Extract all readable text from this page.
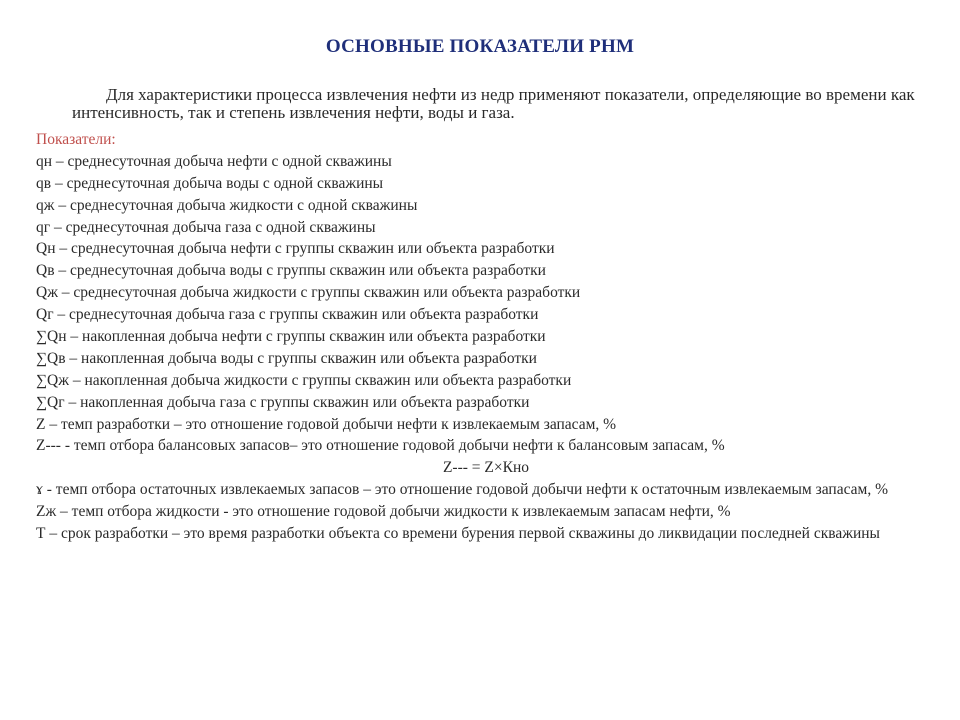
ОСНОВНЫЕ ПОКАЗАТЕЛИ РНМ
Для характеристики процесса извлечения нефти из недр применяют показатели, определяющие во времени как интенсивность, так и степень извлечения нефти, воды и газа.
Показатели:
qн – среднесуточная добыча нефти с одной скважины
qв – среднесуточная добыча воды с одной скважины
qж – среднесуточная добыча жидкости с одной скважины
qг – среднесуточная добыча газа с одной скважины
Qн – среднесуточная добыча нефти с группы скважин или объекта разработки
Qв – среднесуточная добыча воды с группы скважин или объекта разработки
Qж – среднесуточная добыча жидкости с группы скважин или объекта разработки
Qг – среднесуточная добыча газа с группы скважин или объекта разработки
∑Qн – накопленная добыча нефти с группы скважин или объекта разработки
∑Qв – накопленная добыча воды с группы скважин или объекта разработки
∑Qж – накопленная добыча жидкости с группы скважин или объекта разработки
∑Qг – накопленная добыча газа с группы скважин или объекта разработки
Z – темп разработки – это отношение годовой добычи нефти к извлекаемым запасам, %
Z--- - темп отбора балансовых запасов– это отношение годовой добычи нефти к балансовым запасам, %
Z--- = Z×Кно
ɤ - темп отбора остаточных извлекаемых запасов – это отношение годовой добычи нефти к остаточным извлекаемым запасам, %
Zж – темп отбора жидкости - это отношение годовой добычи жидкости к извлекаемым запасам нефти, %
Т – срок разработки – это время разработки объекта со времени бурения первой скважины до ликвидации последней скважины
